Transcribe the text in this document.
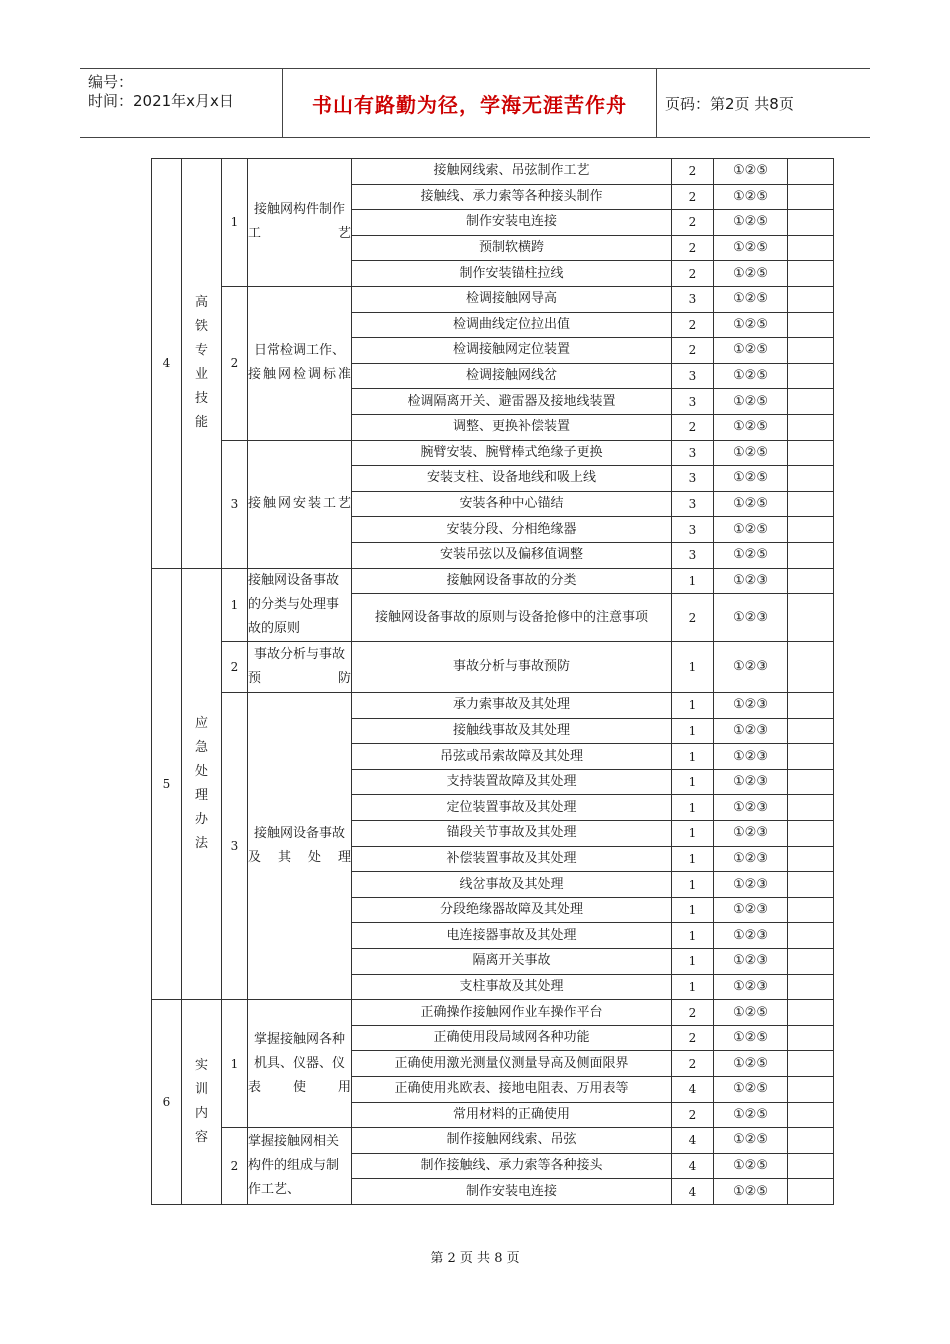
编号：
时间：2021年x月x日	书山有路勤为径，学海无涯苦作舟	页码：第2页 共8页
4	高铁专业技能	1	接触网构件制作工艺	接触网线索、吊弦制作工艺	2	①②⑤	
				接触线、承力索等各种接头制作	2	①②⑤	
				制作安装电连接	2	①②⑤	
				预制软横跨	2	①②⑤	
				制作安装锚柱拉线	2	①②⑤	
		2	日常检调工作、接触网检调标准	检调接触网导高	3	①②⑤	
				检调曲线定位拉出值	2	①②⑤	
				检调接触网定位装置	2	①②⑤	
				检调接触网线岔	3	①②⑤	
				检调隔离开关、避雷器及接地线装置	3	①②⑤	
				调整、更换补偿装置	2	①②⑤	
		3	接触网安装工艺	腕臂安装、腕臂棒式绝缘子更换	3	①②⑤	
				安装支柱、设备地线和吸上线	3	①②⑤	
				安装各种中心锚结	3	①②⑤	
				安装分段、分相绝缘器	3	①②⑤	
				安装吊弦以及偏移值调整	3	①②⑤	
5	应急处理办法	1	接触网设备事故的分类与处理事故的原则	接触网设备事故的分类	1	①②③	
				接触网设备事故的原则与设备抢修中的注意事项	2	①②③	
		2	事故分析与事故预防	事故分析与事故预防	1	①②③	
		3	接触网设备事故及其处理	承力索事故及其处理	1	①②③	
				接触线事故及其处理	1	①②③	
				吊弦或吊索故障及其处理	1	①②③	
				支持装置故障及其处理	1	①②③	
				定位装置事故及其处理	1	①②③	
				锚段关节事故及其处理	1	①②③	
				补偿装置事故及其处理	1	①②③	
				线岔事故及其处理	1	①②③	
				分段绝缘器故障及其处理	1	①②③	
				电连接器事故及其处理	1	①②③	
				隔离开关事故	1	①②③	
				支柱事故及其处理	1	①②③	
6	实训内容	1	掌握接触网各种机具、仪器、仪表使用	正确操作接触网作业车操作平台	2	①②⑤	
				正确使用段局域网各种功能	2	①②⑤	
				正确使用激光测量仪测量导高及侧面限界	2	①②⑤	
				正确使用兆欧表、接地电阻表、万用表等	4	①②⑤	
				常用材料的正确使用	2	①②⑤	
		2	掌握接触网相关构件的组成与制作工艺、	制作接触网线索、吊弦	4	①②⑤	
				制作接触线、承力索等各种接头	4	①②⑤	
				制作安装电连接	4	①②⑤	
第 2 页 共 8 页
